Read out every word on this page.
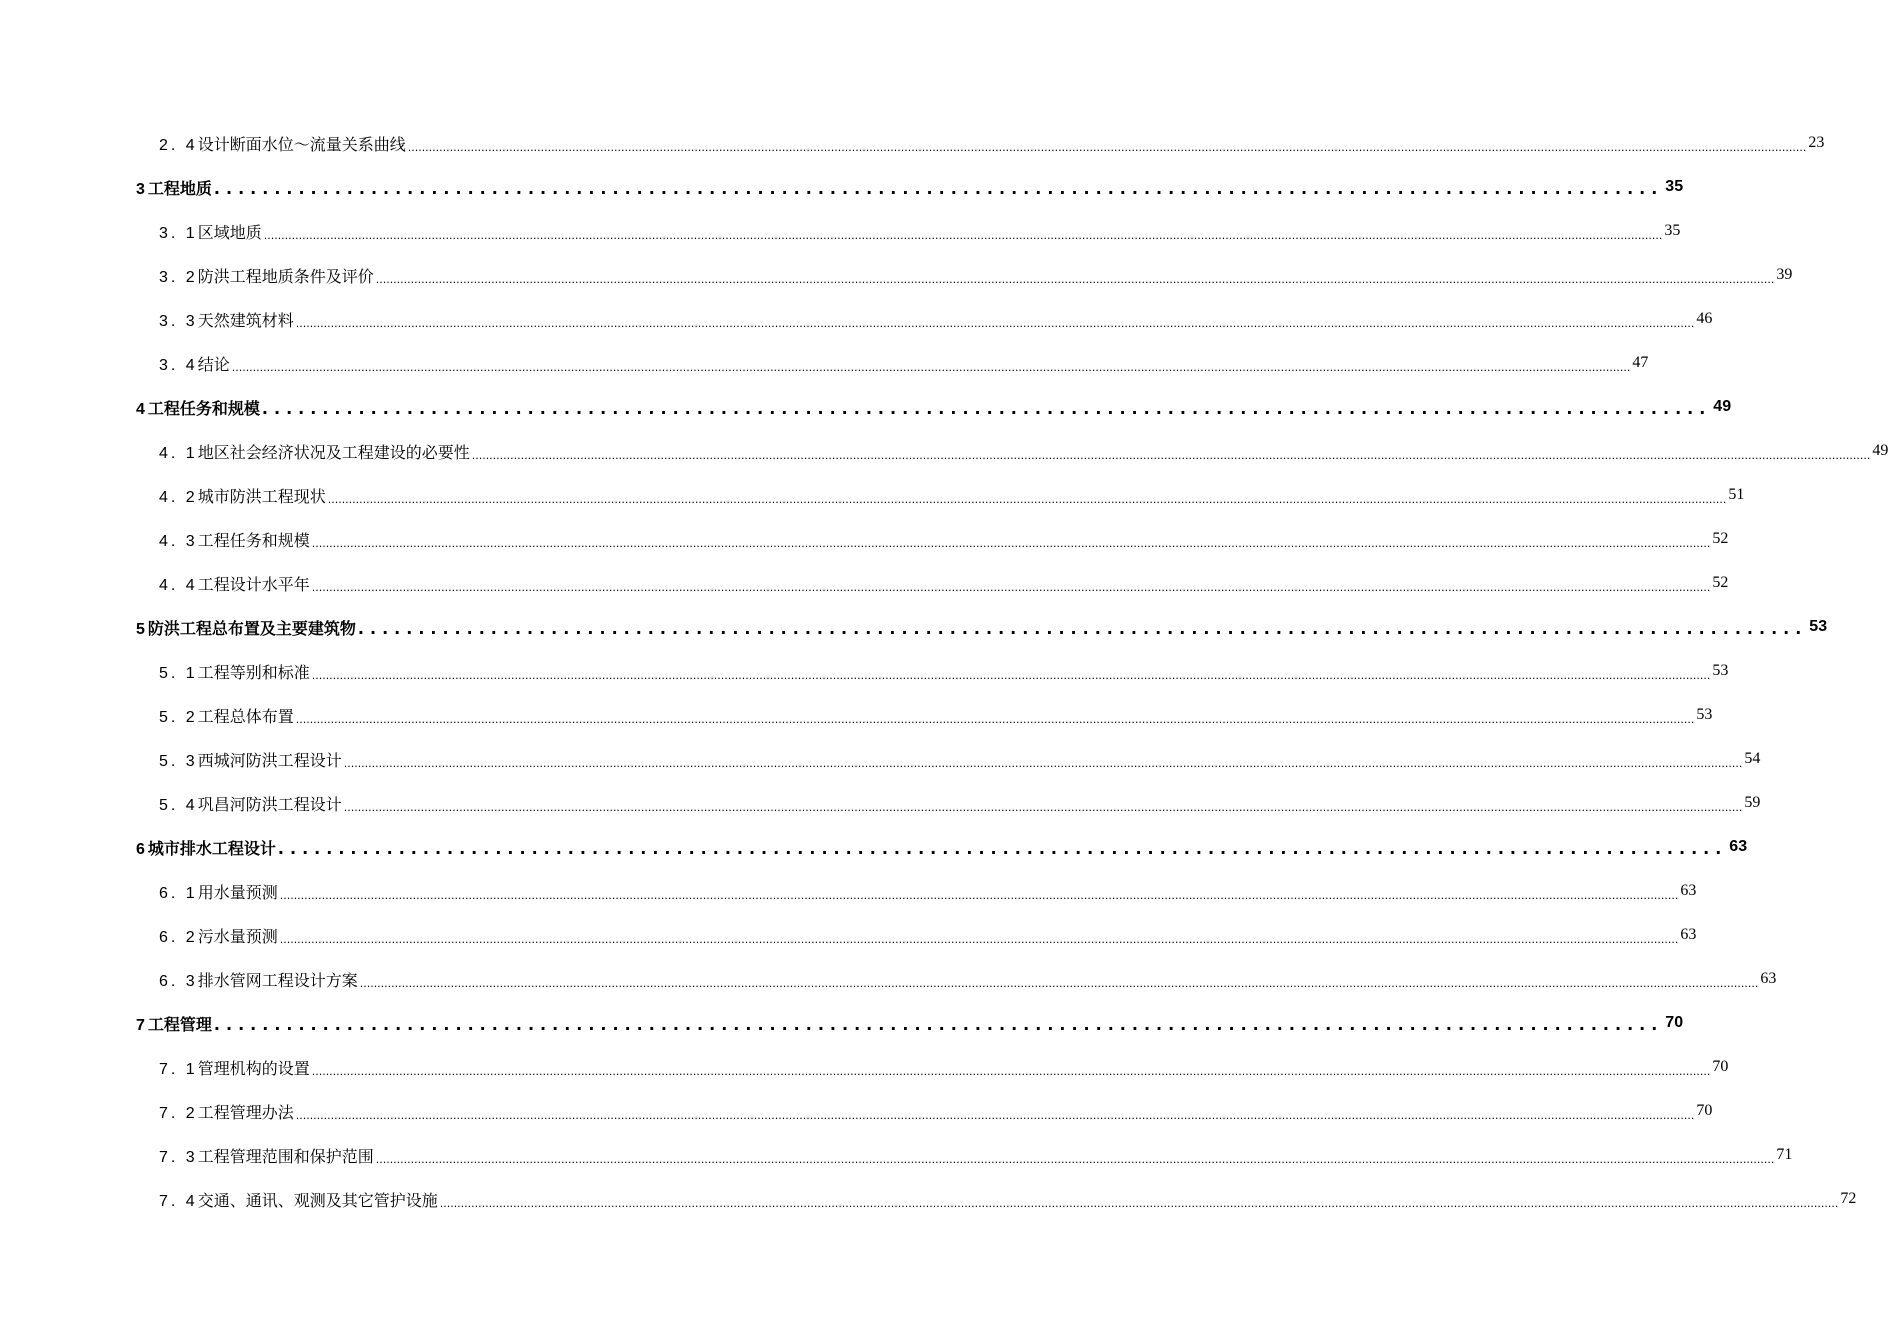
2. 4设计断面水位～流量关系曲线 ................................................................................................................................................................................................................................................................................................................................................................................................................ 23
3工程地质 ........................................................................................................................ 35
3. 1区域地质 ................................................................................................................................................................................................................................................................................................................................................................................................................ 35
3. 2防洪工程地质条件及评价 ................................................................................................................................................................................................................................................................................................................................................................................................................ 39
3. 3天然建筑材料 ................................................................................................................................................................................................................................................................................................................................................................................................................ 46
3. 4结论 ................................................................................................................................................................................................................................................................................................................................................................................................................ 47
4工程任务和规模 ........................................................................................................................ 49
4. 1地区社会经济状况及工程建设的必要性 ................................................................................................................................................................................................................................................................................................................................................................................................................ 49
4. 2城市防洪工程现状 ................................................................................................................................................................................................................................................................................................................................................................................................................ 51
4. 3工程任务和规模 ................................................................................................................................................................................................................................................................................................................................................................................................................ 52
4. 4工程设计水平年 ................................................................................................................................................................................................................................................................................................................................................................................................................ 52
5防洪工程总布置及主要建筑物 ........................................................................................................................ 53
5. 1工程等别和标准 ................................................................................................................................................................................................................................................................................................................................................................................................................ 53
5. 2工程总体布置 ................................................................................................................................................................................................................................................................................................................................................................................................................ 53
5. 3西城河防洪工程设计 ................................................................................................................................................................................................................................................................................................................................................................................................................ 54
5. 4巩昌河防洪工程设计 ................................................................................................................................................................................................................................................................................................................................................................................................................ 59
6城市排水工程设计 ........................................................................................................................ 63
6. 1用水量预测 ................................................................................................................................................................................................................................................................................................................................................................................................................ 63
6. 2污水量预测 ................................................................................................................................................................................................................................................................................................................................................................................................................ 63
6. 3排水管网工程设计方案 ................................................................................................................................................................................................................................................................................................................................................................................................................ 63
7工程管理 ........................................................................................................................ 70
7. 1管理机构的设置 ................................................................................................................................................................................................................................................................................................................................................................................................................ 70
7. 2工程管理办法 ................................................................................................................................................................................................................................................................................................................................................................................................................ 70
7. 3工程管理范围和保护范围 ................................................................................................................................................................................................................................................................................................................................................................................................................ 71
7. 4交通、通讯、观测及其它管护设施 ................................................................................................................................................................................................................................................................................................................................................................................................................ 72
